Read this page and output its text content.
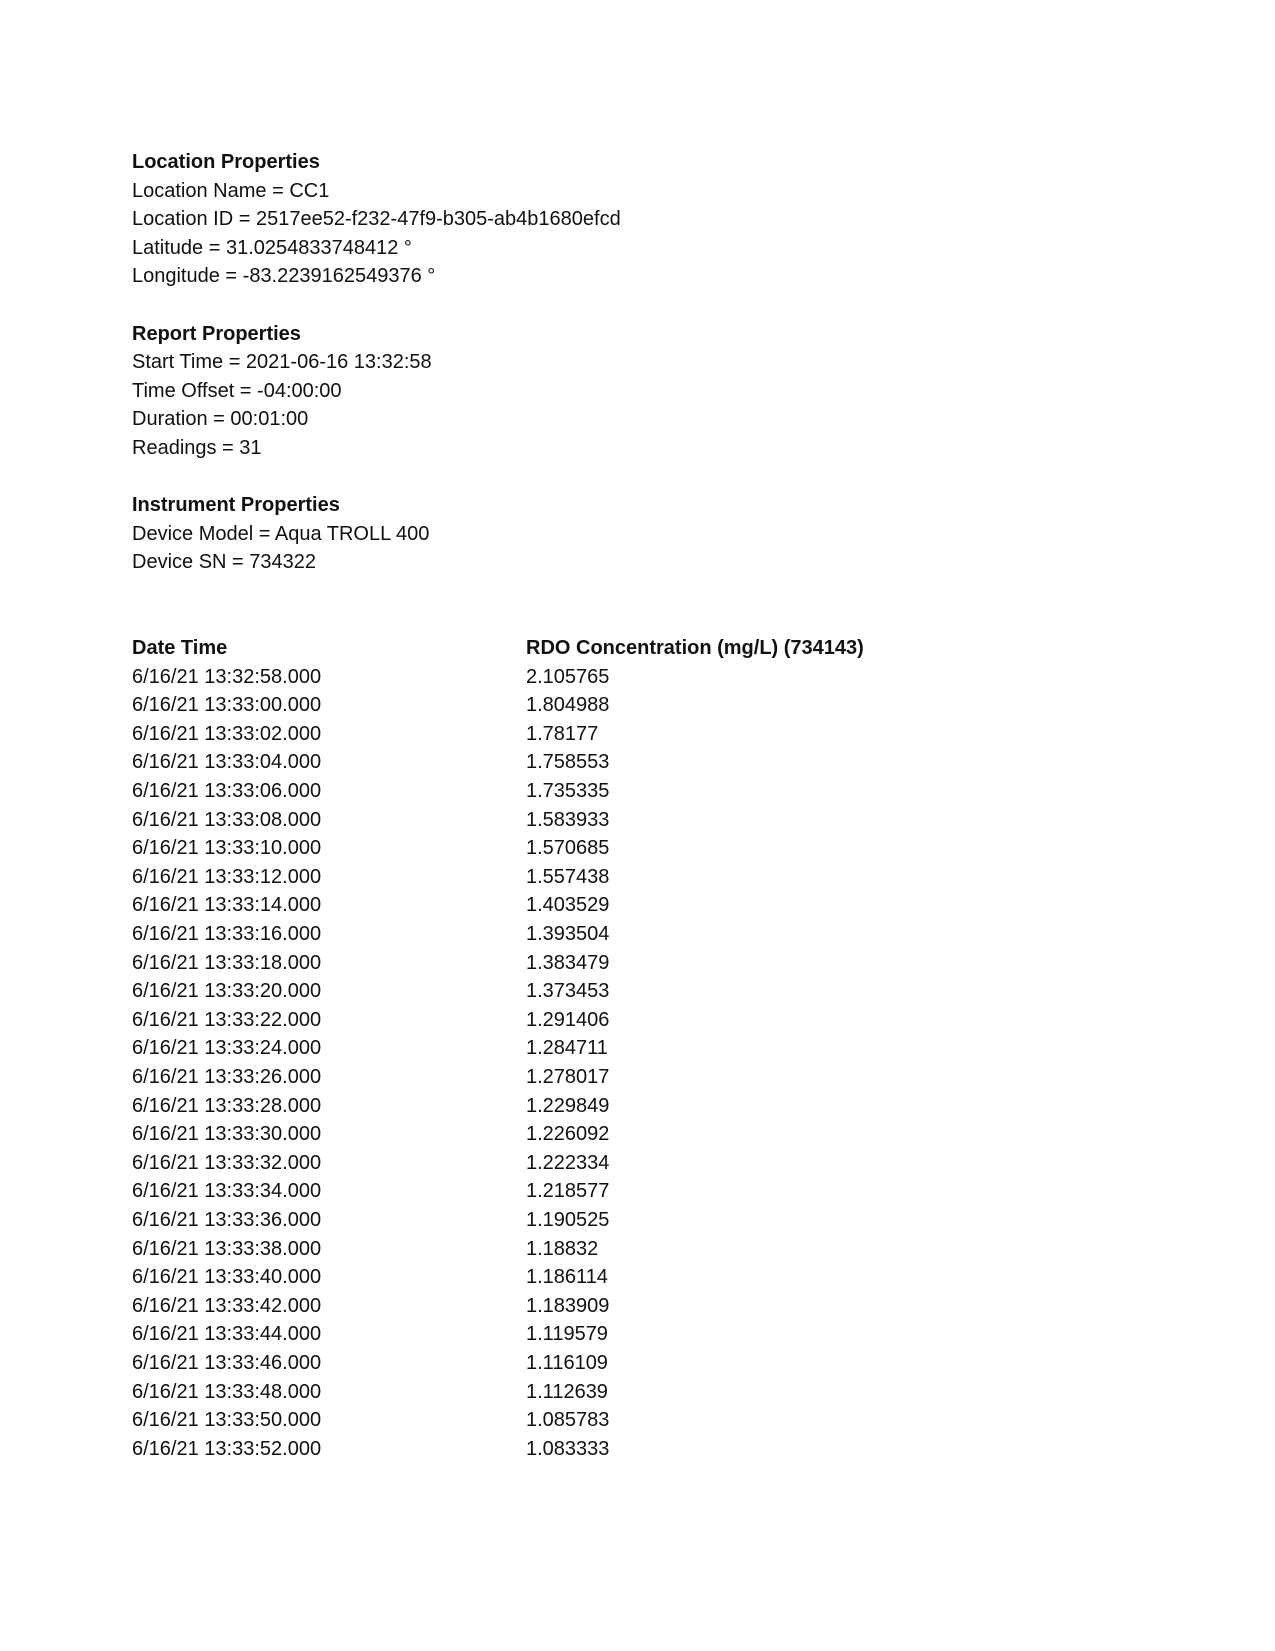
Location Properties
Location Name = CC1
Location ID = 2517ee52-f232-47f9-b305-ab4b1680efcd
Latitude = 31.0254833748412 °
Longitude = -83.2239162549376 °
Report Properties
Start Time = 2021-06-16 13:32:58
Time Offset = -04:00:00
Duration = 00:01:00
Readings = 31
Instrument Properties
Device Model = Aqua TROLL 400
Device SN = 734322
Date Time	RDO Concentration (mg/L) (734143)
6/16/21 13:32:58.000	2.105765
6/16/21 13:33:00.000	1.804988
6/16/21 13:33:02.000	1.78177
6/16/21 13:33:04.000	1.758553
6/16/21 13:33:06.000	1.735335
6/16/21 13:33:08.000	1.583933
6/16/21 13:33:10.000	1.570685
6/16/21 13:33:12.000	1.557438
6/16/21 13:33:14.000	1.403529
6/16/21 13:33:16.000	1.393504
6/16/21 13:33:18.000	1.383479
6/16/21 13:33:20.000	1.373453
6/16/21 13:33:22.000	1.291406
6/16/21 13:33:24.000	1.284711
6/16/21 13:33:26.000	1.278017
6/16/21 13:33:28.000	1.229849
6/16/21 13:33:30.000	1.226092
6/16/21 13:33:32.000	1.222334
6/16/21 13:33:34.000	1.218577
6/16/21 13:33:36.000	1.190525
6/16/21 13:33:38.000	1.18832
6/16/21 13:33:40.000	1.186114
6/16/21 13:33:42.000	1.183909
6/16/21 13:33:44.000	1.119579
6/16/21 13:33:46.000	1.116109
6/16/21 13:33:48.000	1.112639
6/16/21 13:33:50.000	1.085783
6/16/21 13:33:52.000	1.083333
